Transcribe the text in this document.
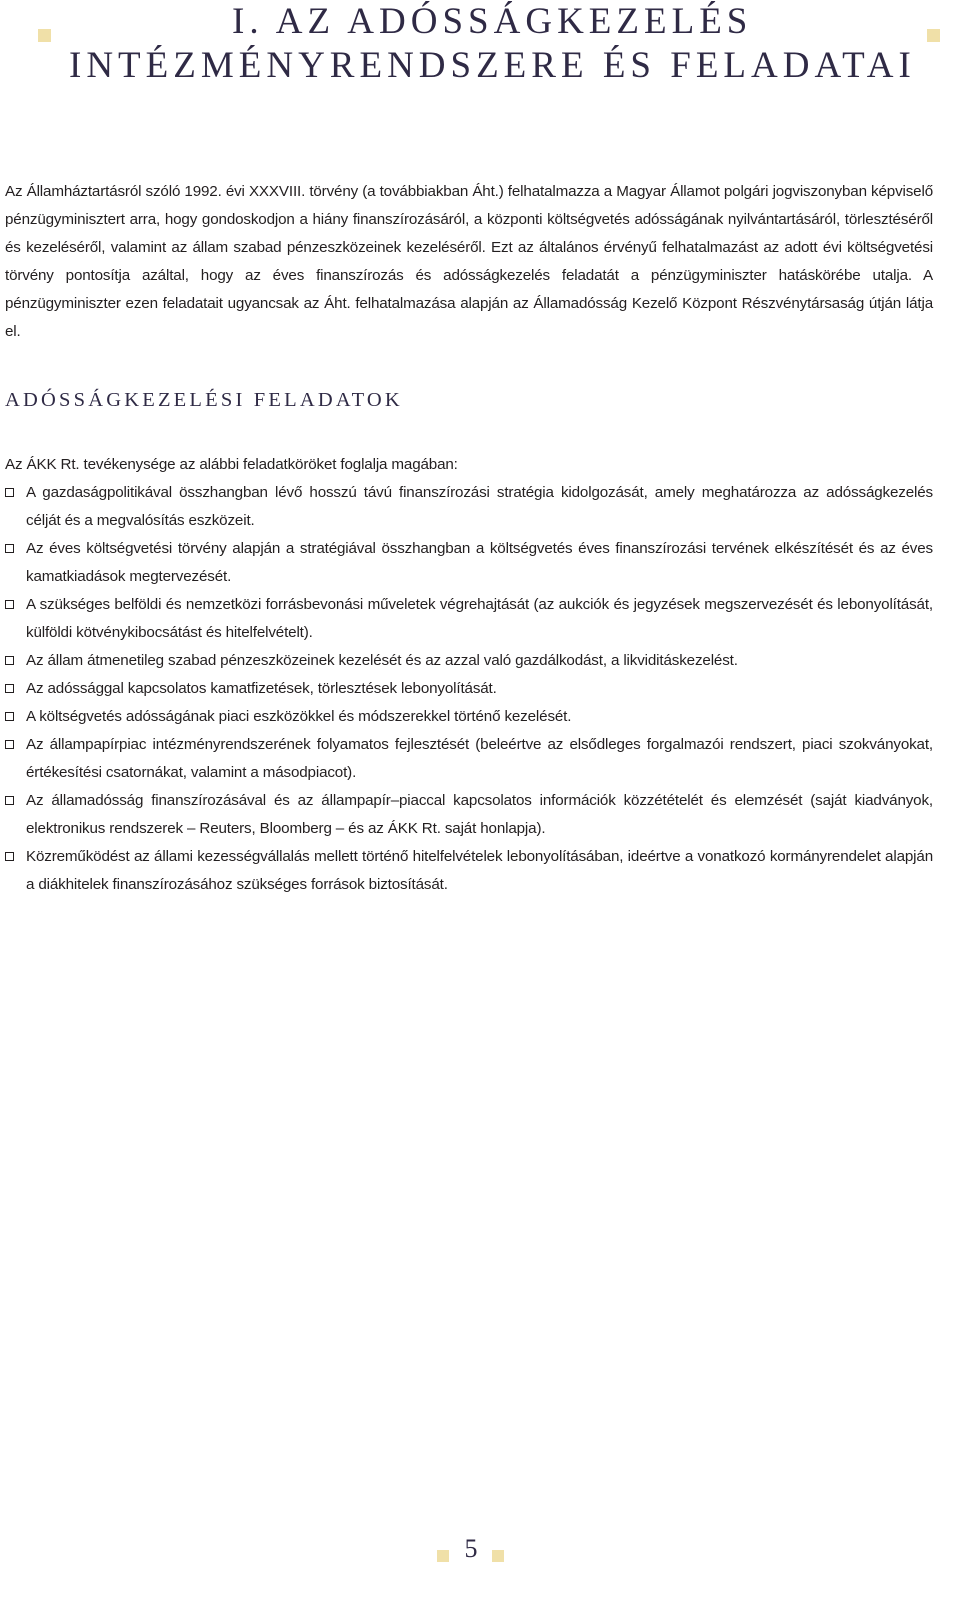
I. AZ ADÓSSÁGKEZELÉS
INTÉZMÉNYRENDSZERE ÉS FELADATAI

Az Államháztartásról szóló 1992. évi XXXVIII. törvény (a továbbiakban Áht.) felhatalmazza a Magyar Államot polgári jogviszonyban képviselő pénzügyminisztert arra, hogy gondoskodjon a hiány finanszírozásáról, a központi költségvetés adósságának nyilvántartásáról, törlesztéséről és kezeléséről, valamint az állam szabad pénzeszközeinek kezeléséről. Ezt az általános érvényű felhatalmazást az adott évi költségvetési törvény pontosítja azáltal, hogy az éves finanszírozás és adósságkezelés feladatát a pénzügyminiszter hatáskörébe utalja. A pénzügyminiszter ezen feladatait ugyancsak az Áht. felhatalmazása alapján az Államadósság Kezelő Központ Részvénytársaság útján látja el.

ADÓSSÁGKEZELÉSI FELADATOK

Az ÁKK Rt. tevékenysége az alábbi feladatköröket foglalja magában:

A gazdaságpolitikával összhangban lévő hosszú távú finanszírozási stratégia kidolgozását, amely meghatározza az adósságkezelés célját és a megvalósítás eszközeit.
Az éves költségvetési törvény alapján a stratégiával összhangban a költségvetés éves finanszírozási tervének elkészítését és az éves kamatkiadások megtervezését.
A szükséges belföldi és nemzetközi forrásbevonási műveletek végrehajtását (az aukciók és jegyzések megszervezését és lebonyolítását, külföldi kötvénykibocsátást és hitelfelvételt).
Az állam átmenetileg szabad pénzeszközeinek kezelését és az azzal való gazdálkodást, a likviditáskezelést.
Az adóssággal kapcsolatos kamatfizetések, törlesztések lebonyolítását.
A költségvetés adósságának piaci eszközökkel és módszerekkel történő kezelését.
Az állampapírpiac intézményrendszerének folyamatos fejlesztését (beleértve az elsődleges forgalmazói rendszert, piaci szokványokat, értékesítési csatornákat, valamint a másodpiacot).
Az államadósság finanszírozásával és az állampapír–piaccal kapcsolatos információk közzétételét és elemzését (saját kiadványok, elektronikus rendszerek – Reuters, Bloomberg – és az ÁKK Rt. saját honlapja).
Közreműködést az állami kezességvállalás mellett történő hitelfelvételek lebonyolításában, ideértve a vonatkozó kormányrendelet alapján a diákhitelek finanszírozásához szükséges források biztosítását.
5
